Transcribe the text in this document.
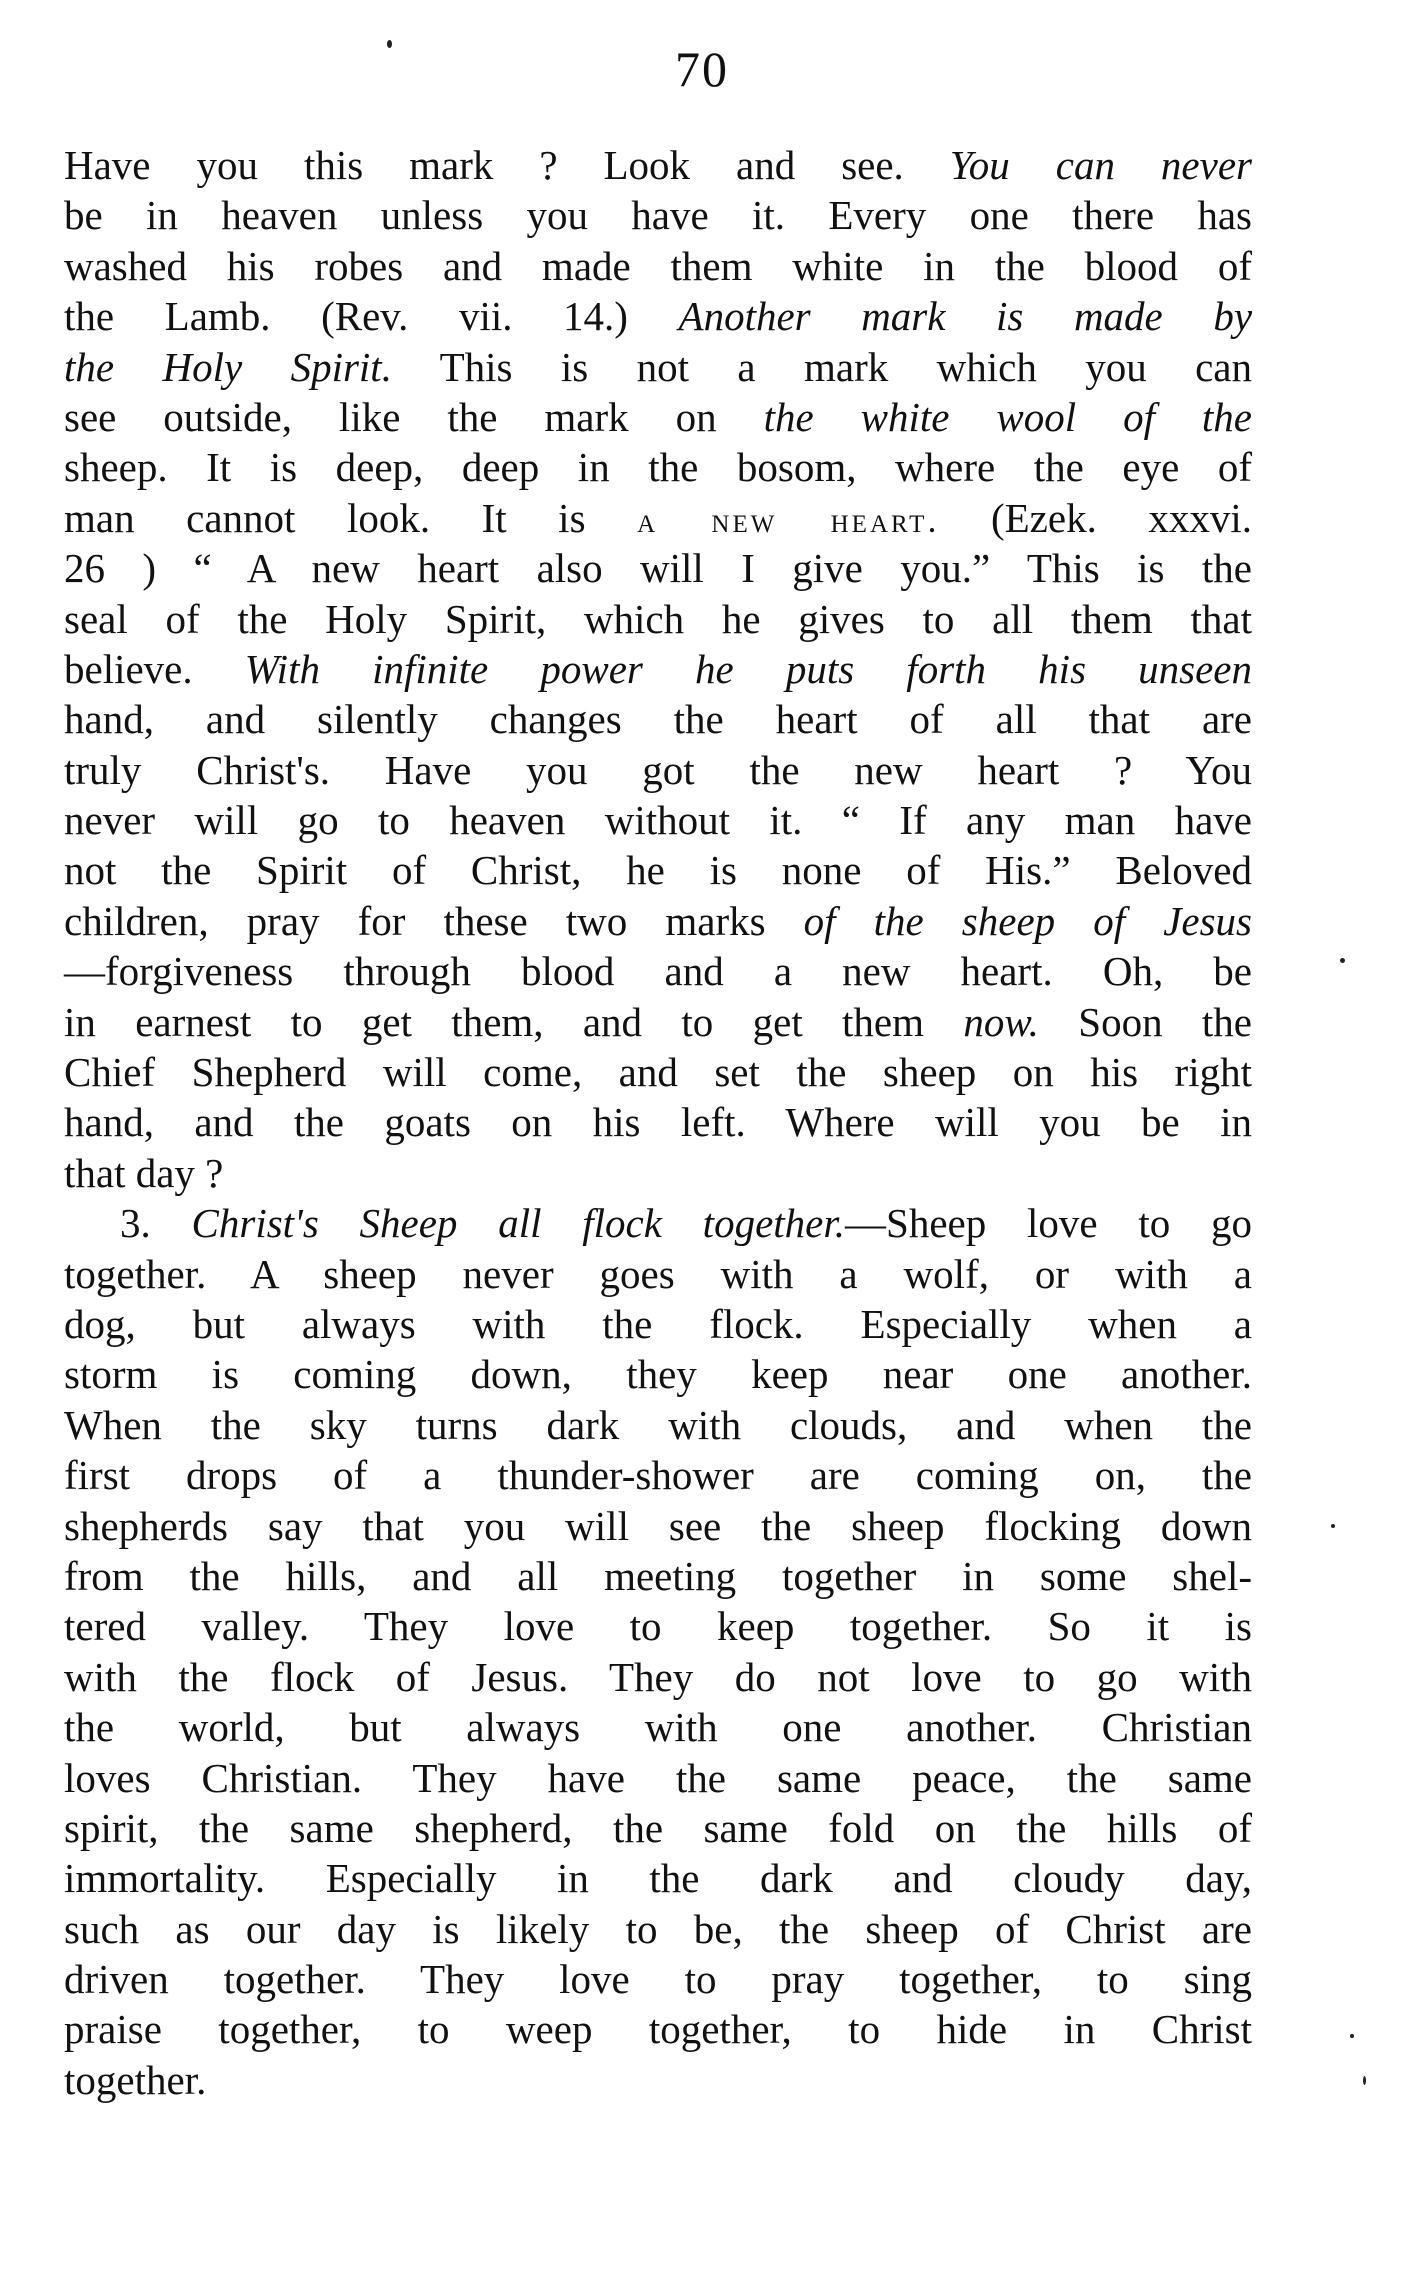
70
Have you this mark ? Look and see. You can never
be in heaven unless you have it. Every one there has
washed his robes and made them white in the blood of
the Lamb. (Rev. vii. 14.) Another mark is made by
the Holy Spirit. This is not a mark which you can
see outside, like the mark on the white wool of the
sheep. It is deep, deep in the bosom, where the eye of
man cannot look. It is a new heart. (Ezek. xxxvi.
26 ) “ A new heart also will I give you.” This is the
seal of the Holy Spirit, which he gives to all them that
believe. With infinite power he puts forth his unseen
hand, and silently changes the heart of all that are
truly Christ's. Have you got the new heart ? You
never will go to heaven without it. “ If any man have
not the Spirit of Christ, he is none of His.” Beloved
children, pray for these two marks of the sheep of Jesus
—forgiveness through blood and a new heart. Oh, be
in earnest to get them, and to get them now. Soon the
Chief Shepherd will come, and set the sheep on his right
hand, and the goats on his left. Where will you be in
that day ?
3. Christ's Sheep all flock together.—Sheep love to go
together. A sheep never goes with a wolf, or with a
dog, but always with the flock. Especially when a
storm is coming down, they keep near one another.
When the sky turns dark with clouds, and when the
first drops of a thunder-shower are coming on, the
shepherds say that you will see the sheep flocking down
from the hills, and all meeting together in some shel-
tered valley. They love to keep together. So it is
with the flock of Jesus. They do not love to go with
the world, but always with one another. Christian
loves Christian. They have the same peace, the same
spirit, the same shepherd, the same fold on the hills of
immortality. Especially in the dark and cloudy day,
such as our day is likely to be, the sheep of Christ are
driven together. They love to pray together, to sing
praise together, to weep together, to hide in Christ
together.
